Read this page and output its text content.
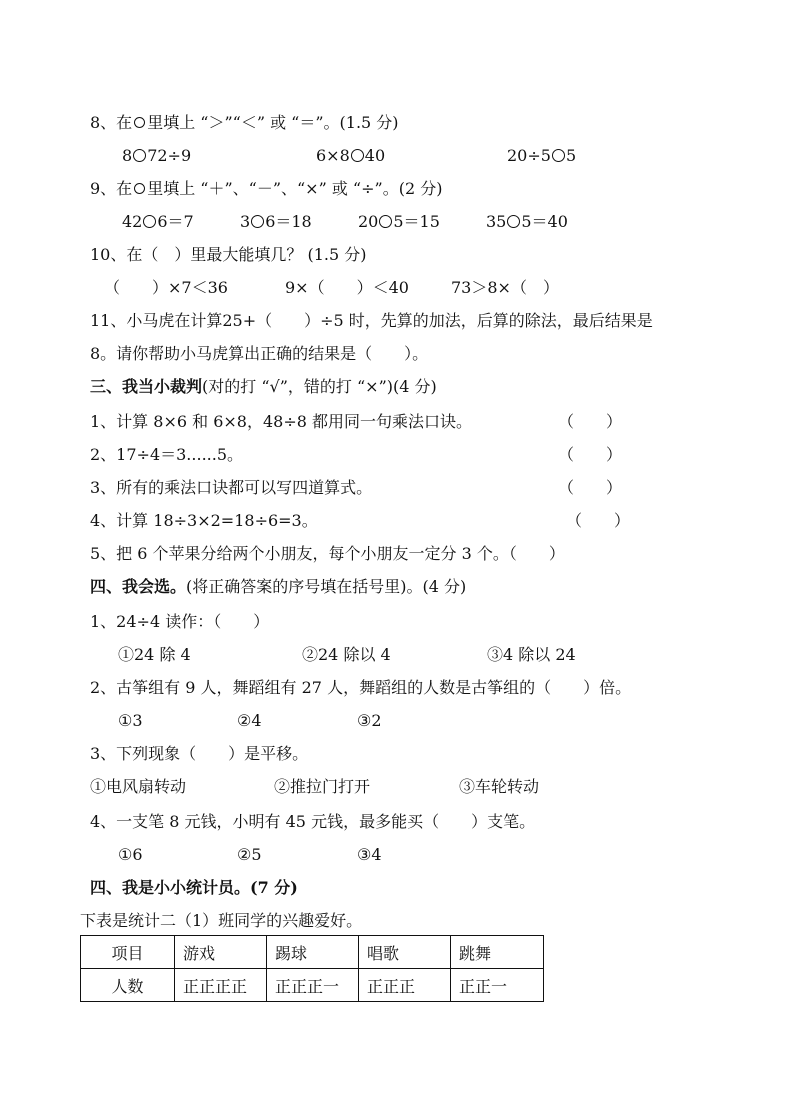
8、在 里填上 “＞”“＜” 或 “＝”。(1.5 分)
8 72÷9	6×8 40	20÷5 5
9、在 里填上 “＋”、“－”、“×” 或 “÷”。(2 分)
42 6＝7	3 6＝18	20 5＝15	35 5＝40
10、在（　）里最大能填几？ (1.5 分)
（　　）×7＜36	9×（　　）＜40	73＞8×（　）
11、小马虎在计算25+（　　）÷5 时，先算的加法，后算的除法，最后结果是
8。请你帮助小马虎算出正确的结果是（　　）。
三、我当小裁判(对的打 “√”，错的打 “×”)(4 分)
1、计算 8×6 和 6×8，48÷8 都用同一句乘法口诀。	（　　）
2、17÷4＝3......5。	（　　）
3、所有的乘法口诀都可以写四道算式。	（　　）
4、计算 18÷3×2=18÷6=3。	（　　）
5、把 6 个苹果分给两个小朋友，每个小朋友一定分 3 个。（　　）
四、我会选。(将正确答案的序号填在括号里)。(4 分)
1、24÷4 读作：（　　）
①24 除 4	②24 除以 4	③4 除以 24
2、古筝组有 9 人，舞蹈组有 27 人，舞蹈组的人数是古筝组的（　　）倍。
①3	②4	③2
3、下列现象（　　）是平移。
①电风扇转动	②推拉门打开	③车轮转动
4、一支笔 8 元钱，小明有 45 元钱，最多能买（　　）支笔。
①6	②5	③4
四、我是小小统计员。(7 分)
下表是统计二（1）班同学的兴趣爱好。
项目	游戏	踢球	唱歌	跳舞
人数	正正正正	正正正一	正正正	正正一
